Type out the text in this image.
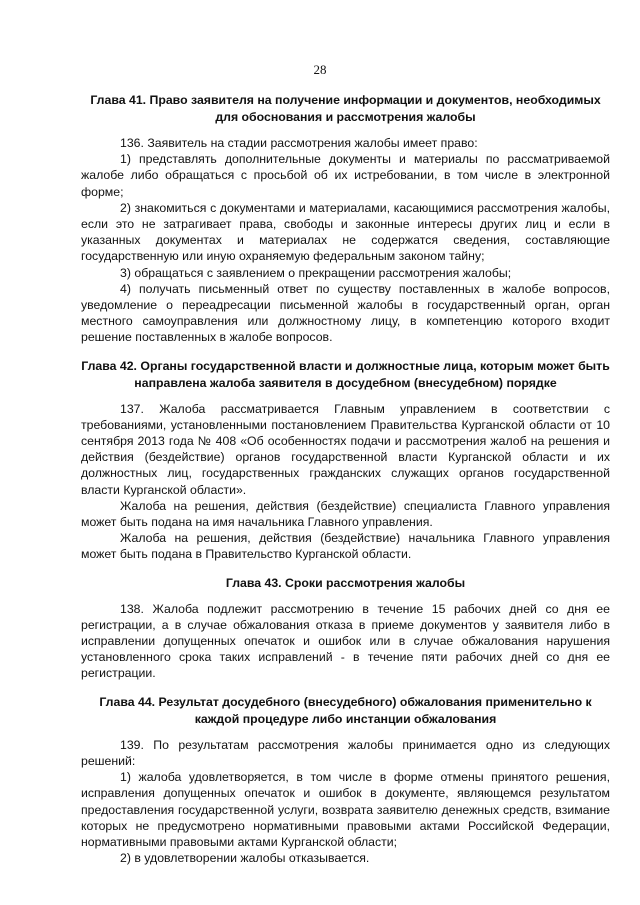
28
Глава 41. Право заявителя на получение информации и документов, необходимых для обоснования и рассмотрения жалобы

136. Заявитель на стадии рассмотрения жалобы имеет право:

1) представлять дополнительные документы и материалы по рассматриваемой жалобе либо обращаться с просьбой об их истребовании, в том числе в электронной форме;

2) знакомиться с документами и материалами, касающимися рассмотрения жалобы, если это не затрагивает права, свободы и законные интересы других лиц и если в указанных документах и материалах не содержатся сведения, составляющие государственную или иную охраняемую федеральным законом тайну;

3) обращаться с заявлением о прекращении рассмотрения жалобы;

4) получать письменный ответ по существу поставленных в жалобе вопросов, уведомление о переадресации письменной жалобы в государственный орган, орган местного самоуправления или должностному лицу, в компетенцию которого входит решение поставленных в жалобе вопросов.

Глава 42. Органы государственной власти и должностные лица, которым может быть направлена жалоба заявителя в досудебном (внесудебном) порядке

137. Жалоба рассматривается Главным управлением в соответствии с требованиями, установленными постановлением Правительства Курганской области от 10 сентября 2013 года № 408 «Об особенностях подачи и рассмотрения жалоб на решения и действия (бездействие) органов государственной власти Курганской области и их должностных лиц, государственных гражданских служащих органов государственной власти Курганской области».

Жалоба на решения, действия (бездействие) специалиста Главного управления может быть подана на имя начальника Главного управления.

Жалоба на решения, действия (бездействие) начальника Главного управления может быть подана в Правительство Курганской области.

Глава 43. Сроки рассмотрения жалобы

138. Жалоба подлежит рассмотрению в течение 15 рабочих дней со дня ее регистрации, а в случае обжалования отказа в приеме документов у заявителя либо в исправлении допущенных опечаток и ошибок или в случае обжалования нарушения установленного срока таких исправлений - в течение пяти рабочих дней со дня ее регистрации.

Глава 44. Результат досудебного (внесудебного) обжалования применительно к каждой процедуре либо инстанции обжалования

139. По результатам рассмотрения жалобы принимается одно из следующих решений:

1) жалоба удовлетворяется, в том числе в форме отмены принятого решения, исправления допущенных опечаток и ошибок в документе, являющемся результатом предоставления государственной услуги, возврата заявителю денежных средств, взимание которых не предусмотрено нормативными правовыми актами Российской Федерации, нормативными правовыми актами Курганской области;

2) в удовлетворении жалобы отказывается.
